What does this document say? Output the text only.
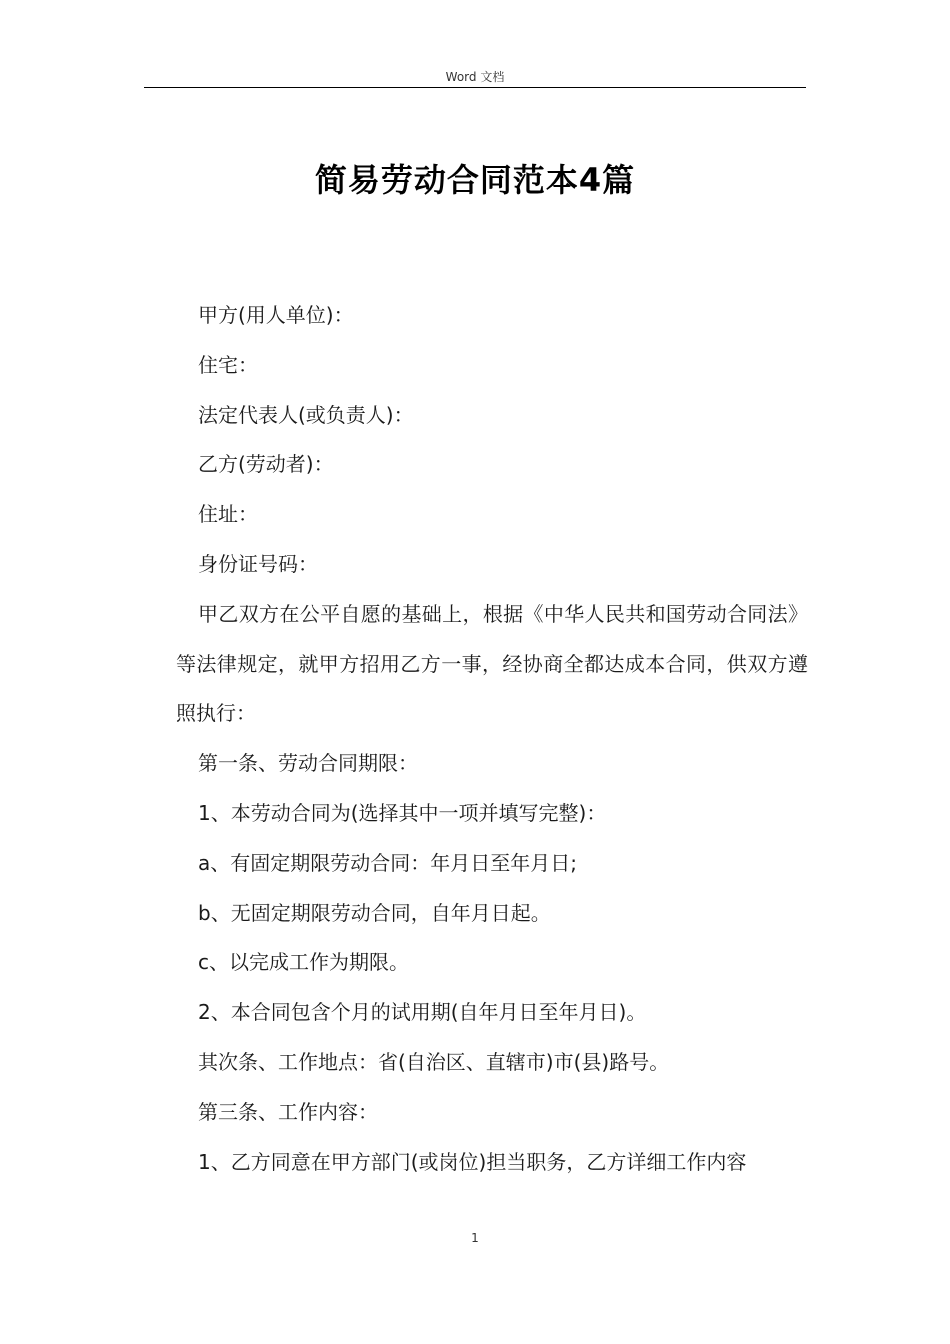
Word 文档
简易劳动合同范本4篇

甲方(用人单位)：

住宅：

法定代表人(或负责人)：

乙方(劳动者)：

住址：

身份证号码：

甲乙双方在公平自愿的基础上，根据《中华人民共和国劳动合同法》等法律规定，就甲方招用乙方一事，经协商全都达成本合同，供双方遵照执行：

第一条、劳动合同期限：

1、本劳动合同为(选择其中一项并填写完整)：

a、有固定期限劳动合同：年月日至年月日;

b、无固定期限劳动合同，自年月日起。

c、以完成工作为期限。

2、本合同包含个月的试用期(自年月日至年月日)。

其次条、工作地点：省(自治区、直辖市)市(县)路号。

第三条、工作内容：

1、乙方同意在甲方部门(或岗位)担当职务，乙方详细工作内容

1
